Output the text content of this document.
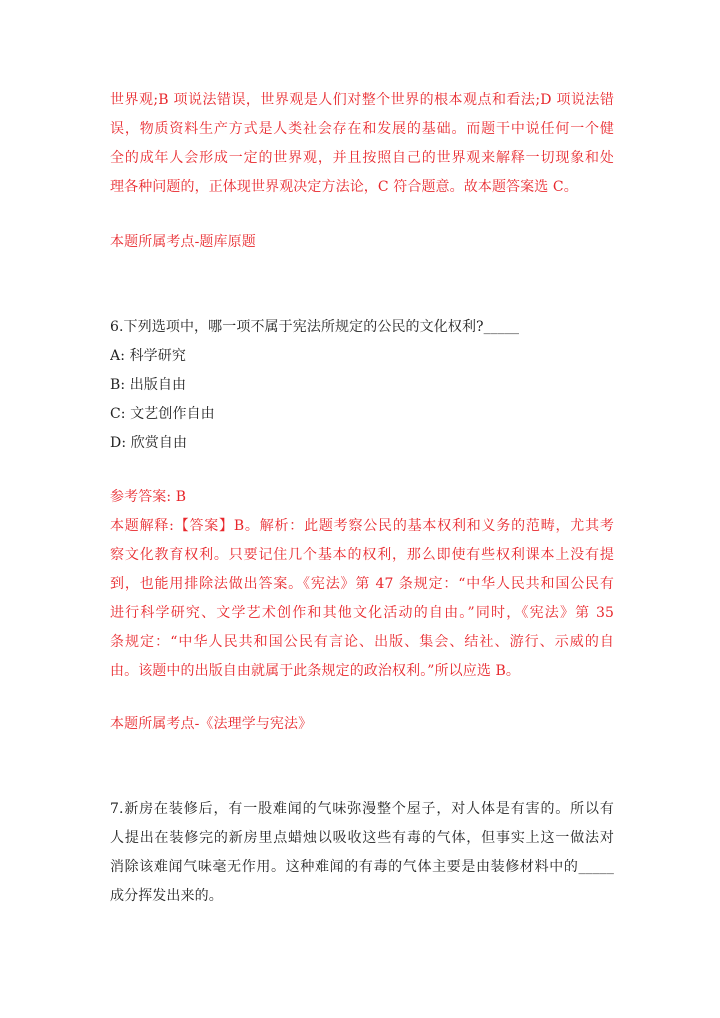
世界观;B 项说法错误，世界观是人们对整个世界的根本观点和看法;D 项说法错
误，物质资料生产方式是人类社会存在和发展的基础。而题干中说任何一个健
全的成年人会形成一定的世界观，并且按照自己的世界观来解释一切现象和处
理各种问题的，正体现世界观决定方法论，C 符合题意。故本题答案选 C。
本题所属考点-题库原题
6.下列选项中，哪一项不属于宪法所规定的公民的文化权利?_____
A: 科学研究
B: 出版自由
C: 文艺创作自由
D: 欣赏自由
参考答案: B
本题解释:【答案】B。解析：此题考察公民的基本权利和义务的范畴，尤其考
察文化教育权利。只要记住几个基本的权利，那么即使有些权利课本上没有提
到，也能用排除法做出答案。《宪法》第 47 条规定：“中华人民共和国公民有
进行科学研究、文学艺术创作和其他文化活动的自由。”同时，《宪法》第 35
条规定：“中华人民共和国公民有言论、出版、集会、结社、游行、示威的自
由。该题中的出版自由就属于此条规定的政治权利。”所以应选 B。
本题所属考点-《法理学与宪法》
7.新房在装修后，有一股难闻的气味弥漫整个屋子，对人体是有害的。所以有
人提出在装修完的新房里点蜡烛以吸收这些有毒的气体，但事实上这一做法对
消除该难闻气味毫无作用。这种难闻的有毒的气体主要是由装修材料中的_____
成分挥发出来的。
